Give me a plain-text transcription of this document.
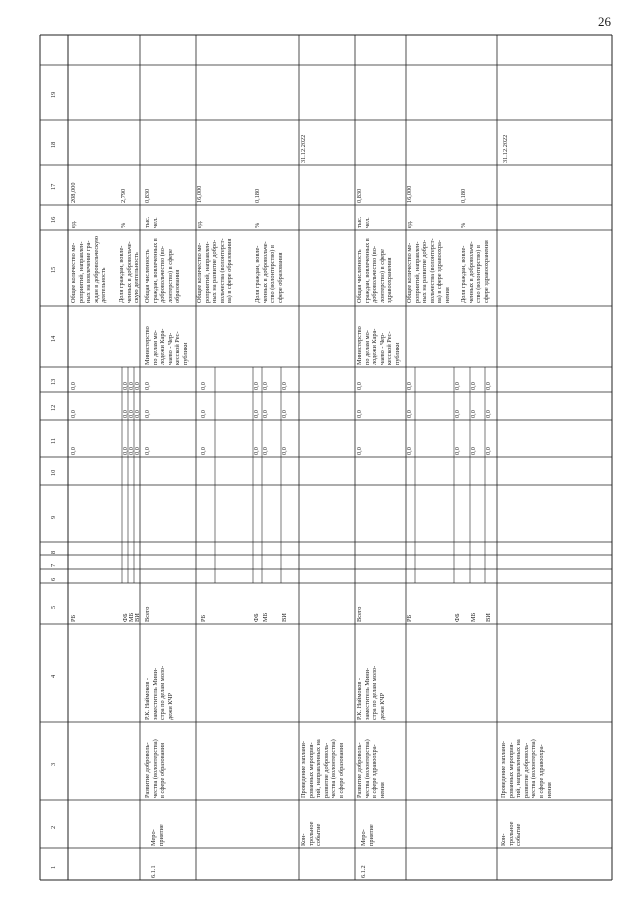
26
1
2
3
4
5
6
7
8
9
10
11
12
13
14
15
16
17
18
19
6.1.1
Меро-
приятие
Развитие доброволь-
чества (волонтерства)
в сфере образования
Р.К. Наймоков -
заместитель Мини-
стра по делам моло-
дежи КЧР
Общее количество ме-
роприятий, направлен-
ных на вовлечение гра-
ждан в добровольческую
деятельность
ед.
208,000
Доля граждан, вовле-
ченных в добровольче-
скую деятельность
%
2,790
РБ
0,0
0,0
0,0
ФБ
0,0
0,0
0,0
МБ
0,0
0,0
0,0
ВИ
0,0
0,0
0,0
Министерство
по делам мо-
лодежи Кара-
чаево - Чер-
кесской Рес-
публики
Всего
0,0
0,0
0,0
РБ
0,0
0,0
0,0
ФБ
0,0
0,0
0,0
МБ
0,0
0,0
0,0
ВИ
0,0
0,0
0,0
Общая численность
граждан, вовлеченных в
добровольчество (во-
лонтерство) в сфере
образования
тыс.
чел.
0,830
Общее количество ме-
роприятий, направлен-
ных на развитие добро-
вольчества (волонтерст-
ва) в сфере образования
ед.
16,000
Доля граждан, вовле-
ченных в добровольче-
ство (волонтерство) в
сфере образования
%
0,180
Кон-
трольное
событие
Проведение заплани-
рованных мероприя-
тий, направленных на
развитие доброволь-
чества (волонтерства)
в сфере образования
31.12.2022
6.1.2
Меро-
приятие
Развитие доброволь-
чества (волонтерства)
в сфере здравоохра-
нения
Р.К. Наймоков -
заместитель Мини-
стра по делам моло-
дежи КЧР
Министерство
по делам мо-
лодежи Кара-
чаево - Чер-
кесской Рес-
публики
Всего
0,0
0,0
0,0
РБ
0,0
0,0
0,0
ФБ
0,0
0,0
0,0
МБ
0,0
0,0
0,0
ВИ
0,0
0,0
0,0
Общая численность
граждан, вовлеченных в
добровольчество (во-
лонтерство) в сфере
здравоохранения
тыс.
чел.
0,830
Общее количество ме-
роприятий, направлен-
ных на развитие добро-
вольчества (волонтерст-
ва) в сфере здравоохра-
нения
ед.
16,000
Доля граждан, вовле-
ченных в добровольче-
ство (волонтерство) в
сфере здравоохранения
%
0,180
Кон-
трольное
событие
Проведение заплани-
рованных мероприя-
тий, направленных на
развитие доброволь-
чества (волонтерства)
в сфере здравоохра-
нения
31.12.2022
